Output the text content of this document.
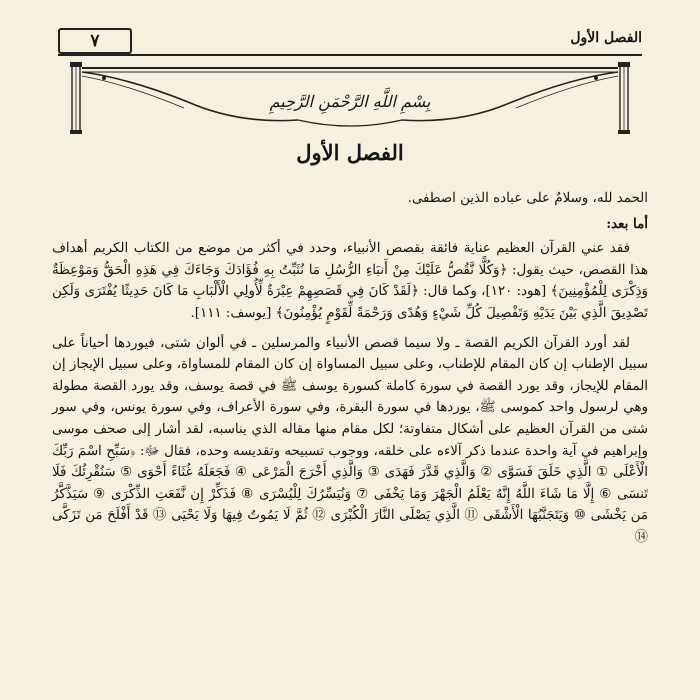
٧	الفصل الأول
بِسْمِ اللَّهِ الرَّحْمَنِ الرَّحِيمِ
الفصل الأول

الحمد لله، وسلامٌ على عباده الذين اصطفى.

أما بعد:

فقد عني القرآن العظيم عناية فائقة بقصص الأنبياء، وحدد في أكثر من موضع من الكتاب الكريم أهداف هذا القصص، حيث يقول: ﴿وَكُلًّا نَّقُصُّ عَلَيْكَ مِنْ أَنبَاءِ الرُّسُلِ مَا نُثَبِّتُ بِهِ فُؤَادَكَ وَجَاءَكَ فِي هَذِهِ الْحَقُّ وَمَوْعِظَةٌ وَذِكْرَى لِلْمُؤْمِنِينَ﴾ [هود: ١٢٠]، وكما قال: ﴿لَقَدْ كَانَ فِي قَصَصِهِمْ عِبْرَةٌ لِّأُولِي الْأَلْبَابِ مَا كَانَ حَدِيثًا يُفْتَرَى وَلَكِن تَصْدِيقَ الَّذِي بَيْنَ يَدَيْهِ وَتَفْصِيلَ كُلِّ شَيْءٍ وَهُدًى وَرَحْمَةً لِّقَوْمٍ يُؤْمِنُونَ﴾ [يوسف: ١١١].

لقد أورد القرآن الكريم القصة ـ ولا سيما قصص الأنبياء والمرسلين ـ في ألوان شتى، فيوردها أحياناً على سبيل الإطناب إن كان المقام للإطناب، وعلى سبيل المساواة إن كان المقام للمساواة، وعلى سبيل الإيجاز إن المقام للإيجاز، وقد يورد القصة في سورة كاملة كسورة يوسف ﷺ في قصة يوسف، وقد يورد القصة مطولة وهي لرسول واحد كموسى ﷺ، يوردها في سورة البقرة، وفي سورة الأعراف، وفي سورة يونس، وفي سور شتى من القرآن العظيم على أشكال متفاوتة؛ لكل مقام منها مقاله الذي يناسبه، لقد أشار إلى صحف موسى وإبراهيم في آية واحدة عندما ذكر آلاءه على خلقه، ووجوب تسبيحه وتقديسه وحده، فقال ﷻ: ﴿سَبِّحِ اسْمَ رَبِّكَ الْأَعْلَى ① الَّذِي خَلَقَ فَسَوَّى ② وَالَّذِي قَدَّرَ فَهَدَى ③ وَالَّذِي أَخْرَجَ الْمَرْعَى ④ فَجَعَلَهُ غُثَاءً أَحْوَى ⑤ سَنُقْرِئُكَ فَلَا تَنسَى ⑥ إِلَّا مَا شَاءَ اللَّهُ إِنَّهُ يَعْلَمُ الْجَهْرَ وَمَا يَخْفَى ⑦ وَنُيَسِّرُكَ لِلْيُسْرَى ⑧ فَذَكِّرْ إِن نَّفَعَتِ الذِّكْرَى ⑨ سَيَذَّكَّرُ مَن يَخْشَى ⑩ وَيَتَجَنَّبُهَا الْأَشْقَى ⑪ الَّذِي يَصْلَى النَّارَ الْكُبْرَى ⑫ ثُمَّ لَا يَمُوتُ فِيهَا وَلَا يَحْيَى ⑬ قَدْ أَفْلَحَ مَن تَزَكَّى ⑭
